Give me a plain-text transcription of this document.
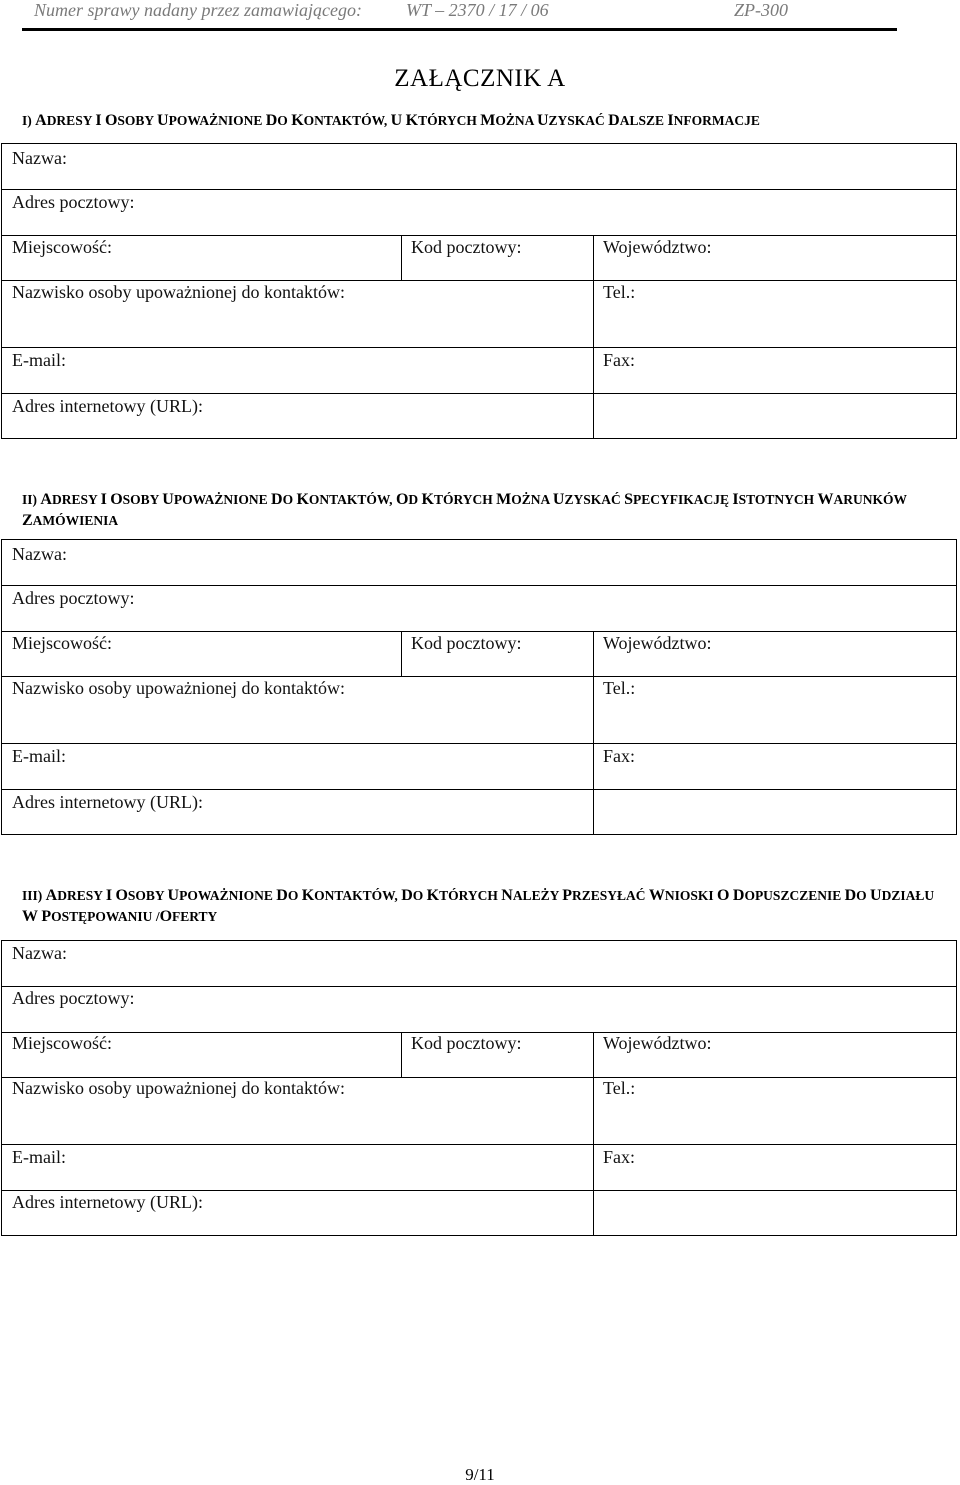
Numer sprawy nadany przez zamawiającego: WT – 2370 / 17 / 06	ZP-300
ZAŁĄCZNIK A
I) ADRESY I OSOBY UPOWAŻNIONE DO KONTAKTÓW, U KTÓRYCH MOŻNA UZYSKAĆ DALSZE INFORMACJE
Nazwa:
Adres pocztowy:
Miejscowość:	Kod pocztowy:	Województwo:
Nazwisko osoby upoważnionej do kontaktów:	Tel.:
E-mail:	Fax:
Adres internetowy (URL):
II) ADRESY I OSOBY UPOWAŻNIONE DO KONTAKTÓW, OD KTÓRYCH MOŻNA UZYSKAĆ SPECYFIKACJĘ ISTOTNYCH WARUNKÓW ZAMÓWIENIA
Nazwa:
Adres pocztowy:
Miejscowość:	Kod pocztowy:	Województwo:
Nazwisko osoby upoważnionej do kontaktów:	Tel.:
E-mail:	Fax:
Adres internetowy (URL):
III) ADRESY I OSOBY UPOWAŻNIONE DO KONTAKTÓW, DO KTÓRYCH NALEŻY PRZESYŁAĆ WNIOSKI O DOPUSZCZENIE DO UDZIAŁU W POSTĘPOWANIU /OFERTY
Nazwa:
Adres pocztowy:
Miejscowość:	Kod pocztowy:	Województwo:
Nazwisko osoby upoważnionej do kontaktów:	Tel.:
E-mail:	Fax:
Adres internetowy (URL):
9/11
